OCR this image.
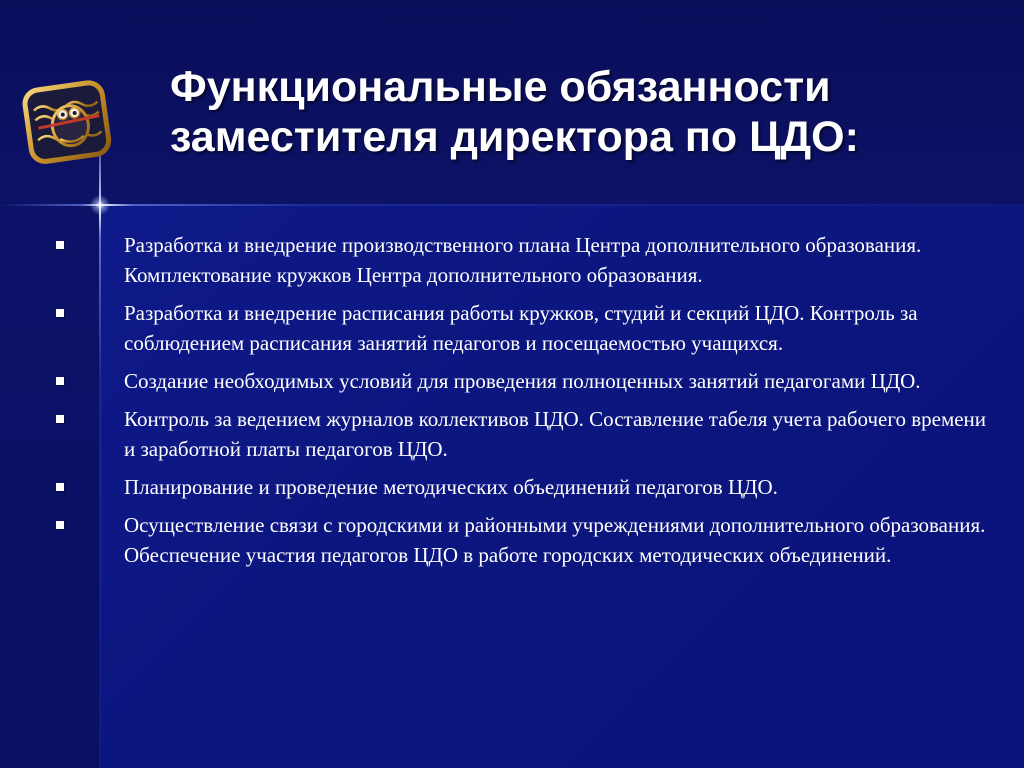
Функциональные обязанности заместителя директора по ЦДО:
Разработка и внедрение производственного плана Центра дополнительного образования. Комплектование кружков Центра дополнительного образования.
Разработка и внедрение расписания работы кружков, студий и секций ЦДО. Контроль за соблюдением расписания занятий педагогов и посещаемостью учащихся.
Создание необходимых условий для проведения полноценных занятий педагогами ЦДО.
Контроль за ведением журналов коллективов ЦДО. Составление табеля учета рабочего времени и заработной платы педагогов ЦДО.
Планирование и проведение методических объединений педагогов ЦДО.
Осуществление связи с городскими и районными учреждениями дополнительного образования. Обеспечение участия педагогов ЦДО в работе городских методических объединений.
